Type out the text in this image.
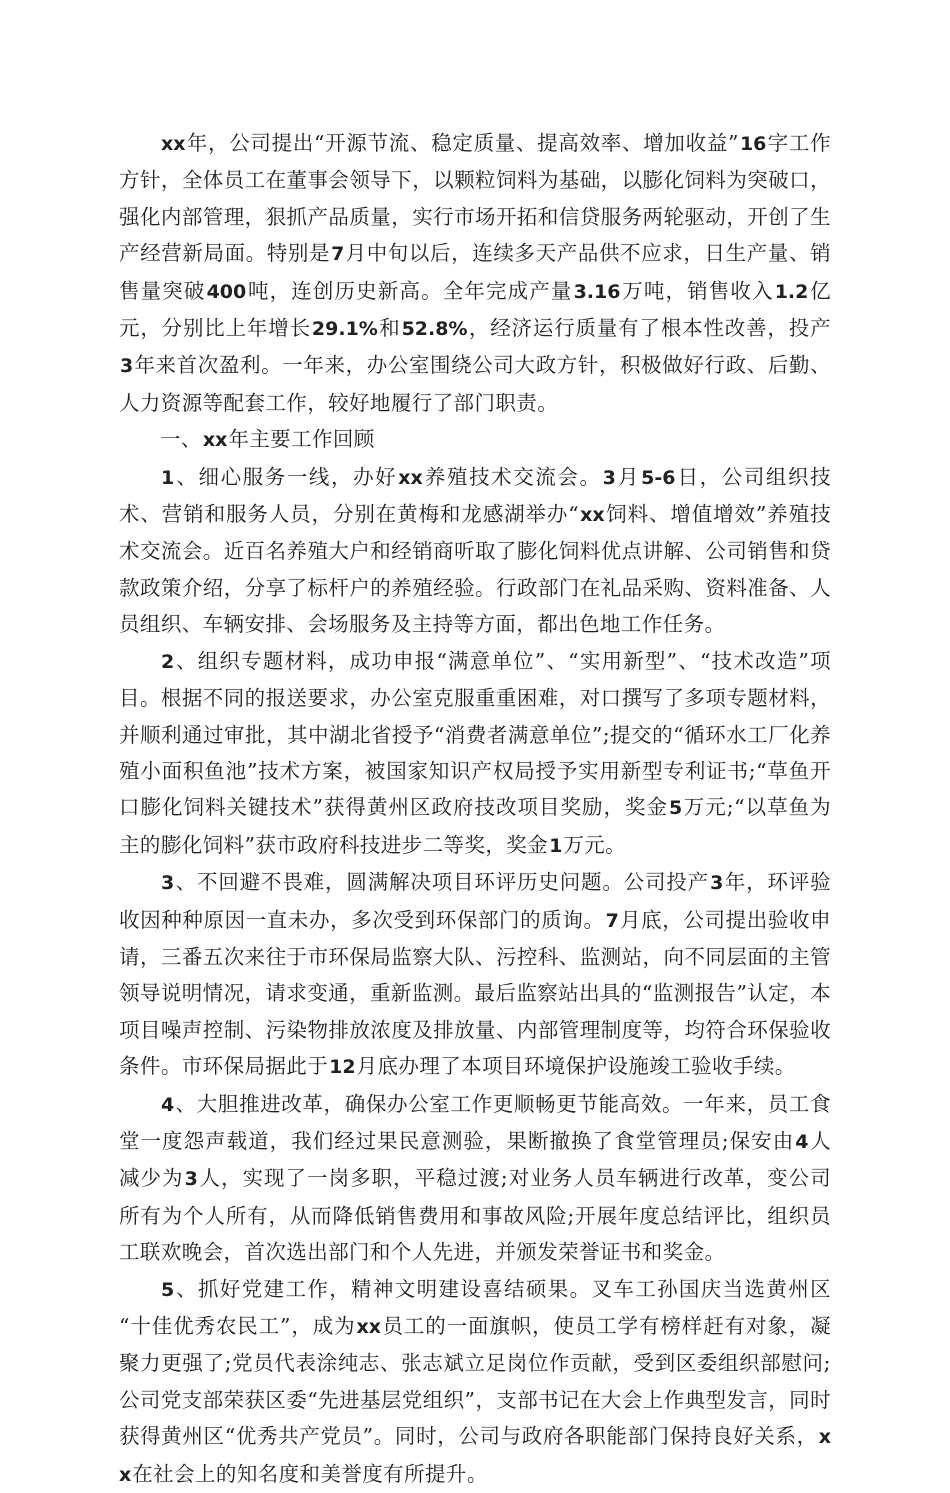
xx年，公司提出“开源节流、稳定质量、提高效率、增加收益”16字工作方针，全体员工在董事会领导下，以颗粒饲料为基础，以膨化饲料为突破口，强化内部管理，狠抓产品质量，实行市场开拓和信贷服务两轮驱动，开创了生产经营新局面。特别是7月中旬以后，连续多天产品供不应求，日生产量、销售量突破400吨，连创历史新高。全年完成产量3.16万吨，销售收入1.2亿元，分别比上年增长29.1%和52.8%，经济运行质量有了根本性改善，投产3年来首次盈利。一年来，办公室围绕公司大政方针，积极做好行政、后勤、人力资源等配套工作，较好地履行了部门职责。

一、xx年主要工作回顾

1、细心服务一线，办好xx养殖技术交流会。3月5-6日，公司组织技术、营销和服务人员，分别在黄梅和龙感湖举办“xx饲料、增值增效”养殖技术交流会。近百名养殖大户和经销商听取了膨化饲料优点讲解、公司销售和贷款政策介绍，分享了标杆户的养殖经验。行政部门在礼品采购、资料准备、人员组织、车辆安排、会场服务及主持等方面，都出色地工作任务。

2、组织专题材料，成功申报“满意单位”、“实用新型”、“技术改造”项目。根据不同的报送要求，办公室克服重重困难，对口撰写了多项专题材料，并顺利通过审批，其中湖北省授予“消费者满意单位”;提交的“循环水工厂化养殖小面积鱼池”技术方案，被国家知识产权局授予实用新型专利证书;“草鱼开口膨化饲料关键技术”获得黄州区政府技改项目奖励，奖金5万元;“以草鱼为主的膨化饲料”获市政府科技进步二等奖，奖金1万元。

3、不回避不畏难，圆满解决项目环评历史问题。公司投产3年，环评验收因种种原因一直未办，多次受到环保部门的质询。7月底，公司提出验收申请，三番五次来往于市环保局监察大队、污控科、监测站，向不同层面的主管领导说明情况，请求变通，重新监测。最后监察站出具的“监测报告”认定，本项目噪声控制、污染物排放浓度及排放量、内部管理制度等，均符合环保验收条件。市环保局据此于12月底办理了本项目环境保护设施竣工验收手续。

4、大胆推进改革，确保办公室工作更顺畅更节能高效。一年来，员工食堂一度怨声载道，我们经过果民意测验，果断撤换了食堂管理员;保安由4人减少为3人，实现了一岗多职，平稳过渡;对业务人员车辆进行改革，变公司所有为个人所有，从而降低销售费用和事故风险;开展年度总结评比，组织员工联欢晚会，首次选出部门和个人先进，并颁发荣誉证书和奖金。

5、抓好党建工作，精神文明建设喜结硕果。叉车工孙国庆当选黄州区“十佳优秀农民工”，成为xx员工的一面旗帜，使员工学有榜样赶有对象，凝聚力更强了;党员代表涂纯志、张志斌立足岗位作贡献，受到区委组织部慰问;公司党支部荣获区委“先进基层党组织”，支部书记在大会上作典型发言，同时获得黄州区“优秀共产党员”。同时，公司与政府各职能部门保持良好关系，xx在社会上的知名度和美誉度有所提升。
